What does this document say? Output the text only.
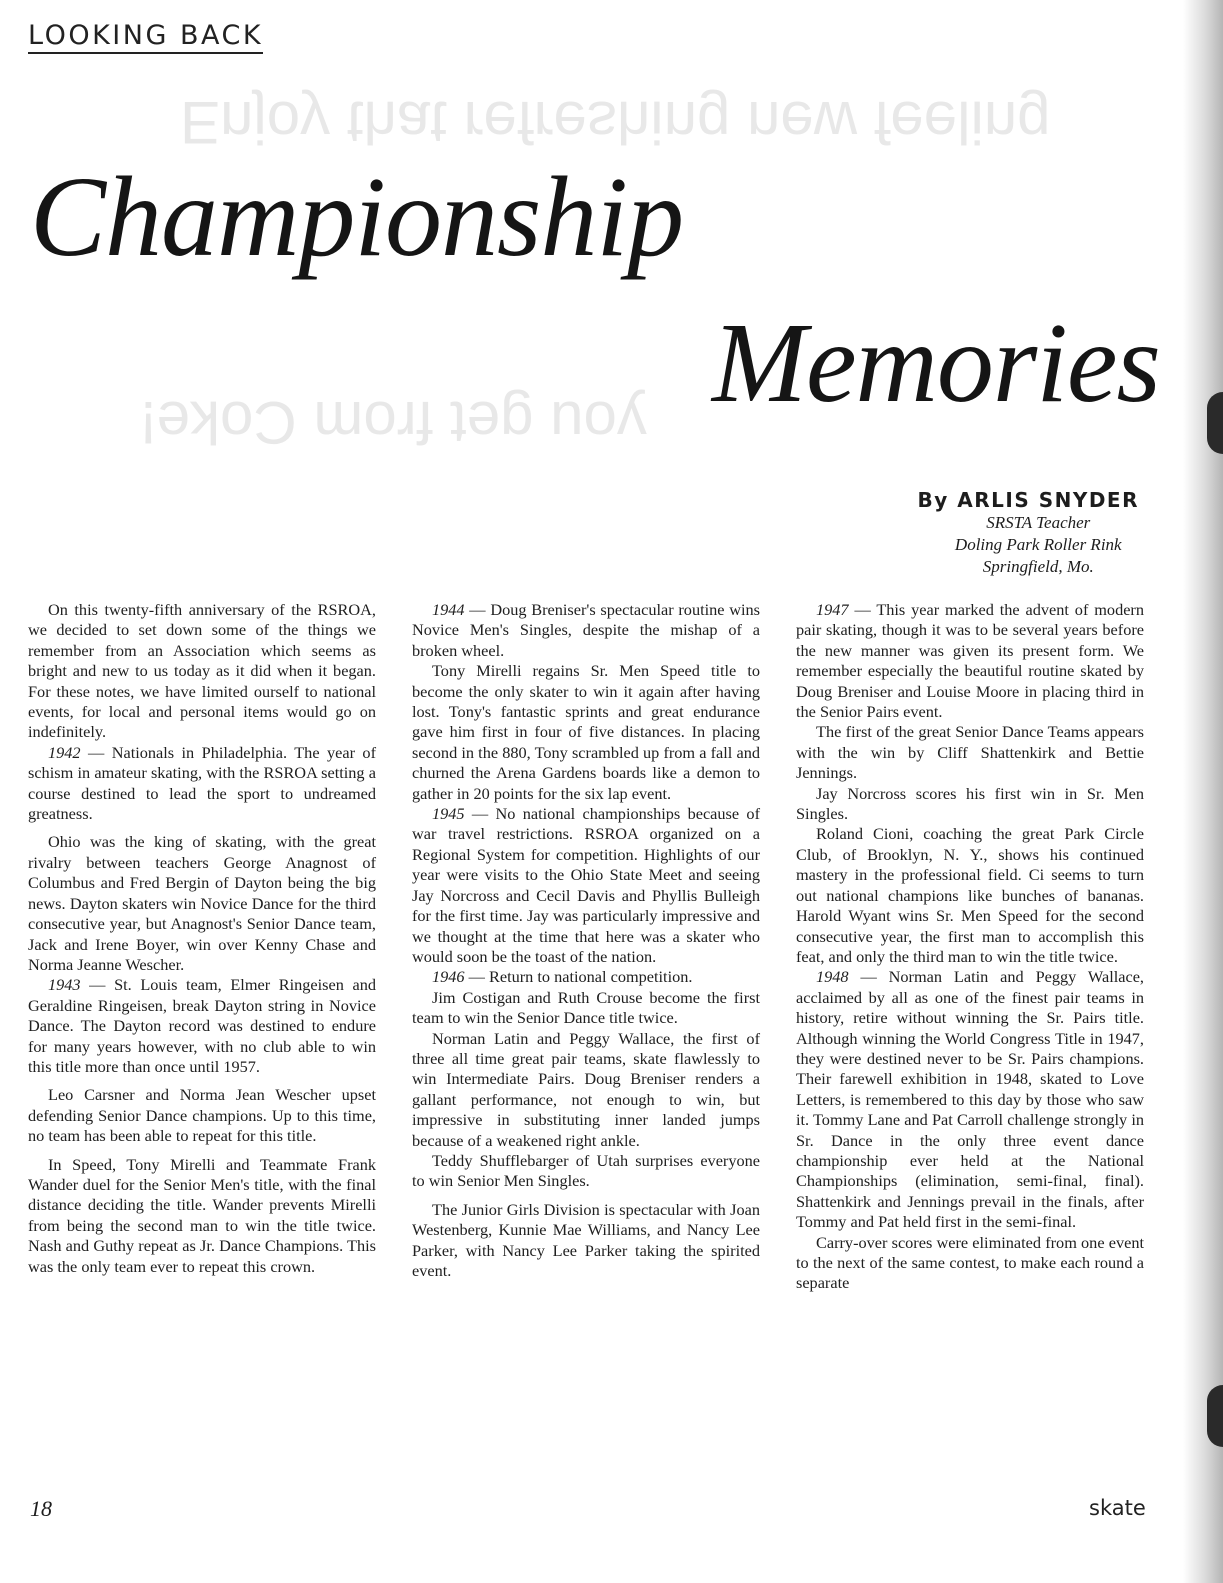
Enjoy that refreshing new feeling
you get from Coke!
LOOKING BACK
Championship
Memories
By ARLIS SNYDER
SRSTA Teacher
Doling Park Roller Rink
Springfield, Mo.

On this twenty-fifth anniversary of the RSROA, we decided to set down some of the things we remember from an Association which seems as bright and new to us today as it did when it began. For these notes, we have limited ourself to national events, for local and personal items would go on indefinitely.

1942 — Nationals in Philadelphia. The year of schism in amateur skating, with the RSROA setting a course destined to lead the sport to undreamed greatness.

Ohio was the king of skating, with the great rivalry between teachers George Anagnost of Columbus and Fred Bergin of Dayton being the big news. Dayton skaters win Novice Dance for the third consecutive year, but Anagnost's Senior Dance team, Jack and Irene Boyer, win over Kenny Chase and Norma Jeanne Wescher.

1943 — St. Louis team, Elmer Ringeisen and Geraldine Ringeisen, break Dayton string in Novice Dance. The Dayton record was destined to endure for many years however, with no club able to win this title more than once until 1957.

Leo Carsner and Norma Jean Wescher upset defending Senior Dance champions. Up to this time, no team has been able to repeat for this title.

In Speed, Tony Mirelli and Teammate Frank Wander duel for the Senior Men's title, with the final distance deciding the title. Wander prevents Mirelli from being the second man to win the title twice. Nash and Guthy repeat as Jr. Dance Champions. This was the only team ever to repeat this crown.

1944 — Doug Breniser's spectacular routine wins Novice Men's Singles, despite the mishap of a broken wheel.

Tony Mirelli regains Sr. Men Speed title to become the only skater to win it again after having lost. Tony's fantastic sprints and great endurance gave him first in four of five distances. In placing second in the 880, Tony scrambled up from a fall and churned the Arena Gardens boards like a demon to gather in 20 points for the six lap event.

1945 — No national championships because of war travel restrictions. RSROA organized on a Regional System for competition. Highlights of our year were visits to the Ohio State Meet and seeing Jay Norcross and Cecil Davis and Phyllis Bulleigh for the first time. Jay was particularly impressive and we thought at the time that here was a skater who would soon be the toast of the nation.

1946 — Return to national competition.

Jim Costigan and Ruth Crouse become the first team to win the Senior Dance title twice.

Norman Latin and Peggy Wallace, the first of three all time great pair teams, skate flawlessly to win Intermediate Pairs. Doug Breniser renders a gallant performance, not enough to win, but impressive in substituting inner landed jumps because of a weakened right ankle.

Teddy Shufflebarger of Utah surprises everyone to win Senior Men Singles.

The Junior Girls Division is spectacular with Joan Westenberg, Kunnie Mae Williams, and Nancy Lee Parker, with Nancy Lee Parker taking the spirited event.

1947 — This year marked the advent of modern pair skating, though it was to be several years before the new manner was given its present form. We remember especially the beautiful routine skated by Doug Breniser and Louise Moore in placing third in the Senior Pairs event.

The first of the great Senior Dance Teams appears with the win by Cliff Shattenkirk and Bettie Jennings.

Jay Norcross scores his first win in Sr. Men Singles.

Roland Cioni, coaching the great Park Circle Club, of Brooklyn, N. Y., shows his continued mastery in the professional field. Ci seems to turn out national champions like bunches of bananas. Harold Wyant wins Sr. Men Speed for the second consecutive year, the first man to accomplish this feat, and only the third man to win the title twice.

1948 — Norman Latin and Peggy Wallace, acclaimed by all as one of the finest pair teams in history, retire without winning the Sr. Pairs title. Although winning the World Congress Title in 1947, they were destined never to be Sr. Pairs champions. Their farewell exhibition in 1948, skated to Love Letters, is remembered to this day by those who saw it. Tommy Lane and Pat Carroll challenge strongly in Sr. Dance in the only three event dance championship ever held at the National Championships (elimination, semi-final, final). Shattenkirk and Jennings prevail in the finals, after Tommy and Pat held first in the semi-final.

Carry-over scores were eliminated from one event to the next of the same contest, to make each round a separate

18	skate
